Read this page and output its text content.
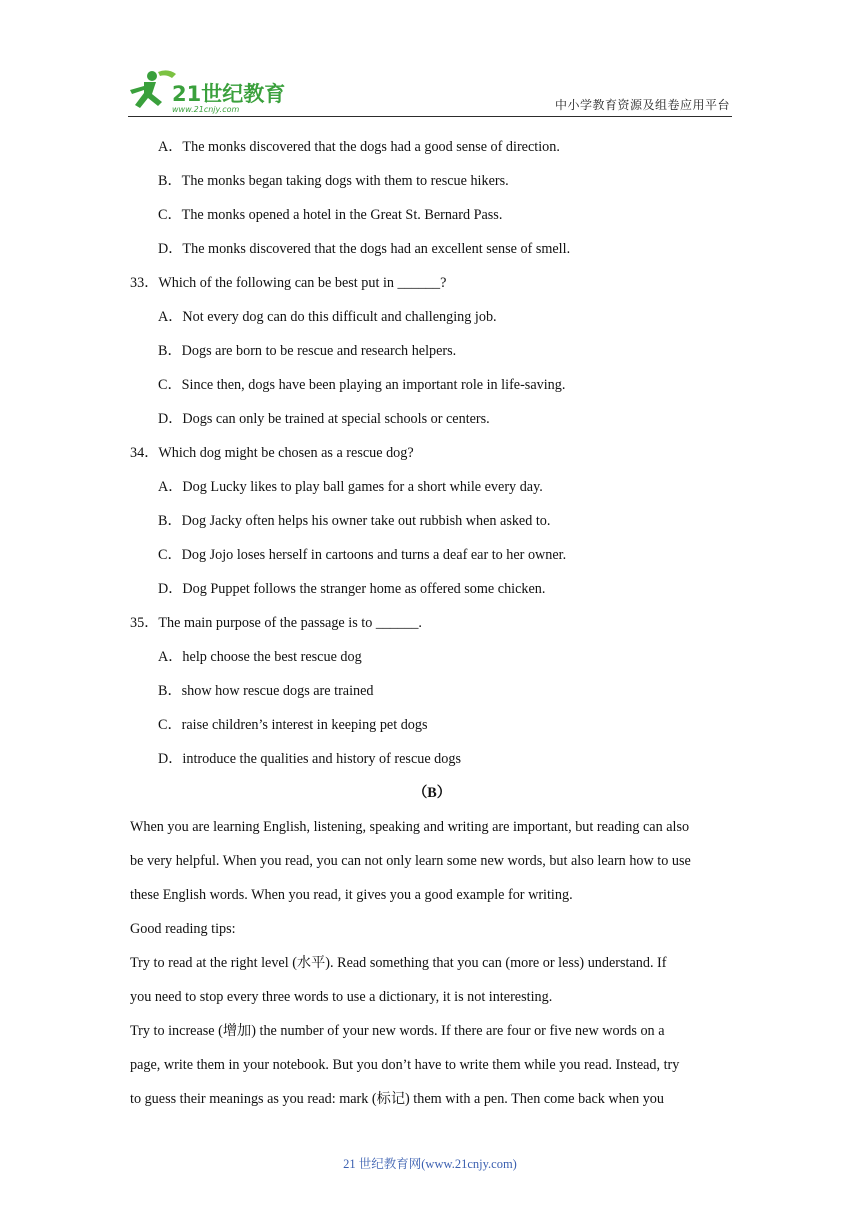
21世纪教育
www.21cnjy.com	中小学教育资源及组卷应用平台
A．The monks discovered that the dogs had a good sense of direction.
B．The monks began taking dogs with them to rescue hikers.
C．The monks opened a hotel in the Great St. Bernard Pass.
D．The monks discovered that the dogs had an excellent sense of smell.
33．Which of the following can be best put in ______?
A．Not every dog can do this difficult and challenging job.
B．Dogs are born to be rescue and research helpers.
C．Since then, dogs have been playing an important role in life-saving.
D．Dogs can only be trained at special schools or centers.
34．Which dog might be chosen as a rescue dog?
A．Dog Lucky likes to play ball games for a short while every day.
B．Dog Jacky often helps his owner take out rubbish when asked to.
C．Dog Jojo loses herself in cartoons and turns a deaf ear to her owner.
D．Dog Puppet follows the stranger home as offered some chicken.
35．The main purpose of the passage is to ______.
A．help choose the best rescue dog
B．show how rescue dogs are trained
C．raise children’s interest in keeping pet dogs
D．introduce the qualities and history of rescue dogs
（B）
When you are learning English, listening, speaking and writing are important, but reading can also
be very helpful. When you read, you can not only learn some new words, but also learn how to use
these English words. When you read, it gives you a good example for writing.
Good reading tips:
Try to read at the right level (水平). Read something that you can (more or less) understand. If
you need to stop every three words to use a dictionary, it is not interesting.
Try to increase (增加) the number of your new words. If there are four or five new words on a
page, write them in your notebook. But you don’t have to write them while you read. Instead, try
to guess their meanings as you read: mark (标记) them with a pen. Then come back when you
21 世纪教育网(www.21cnjy.com)
